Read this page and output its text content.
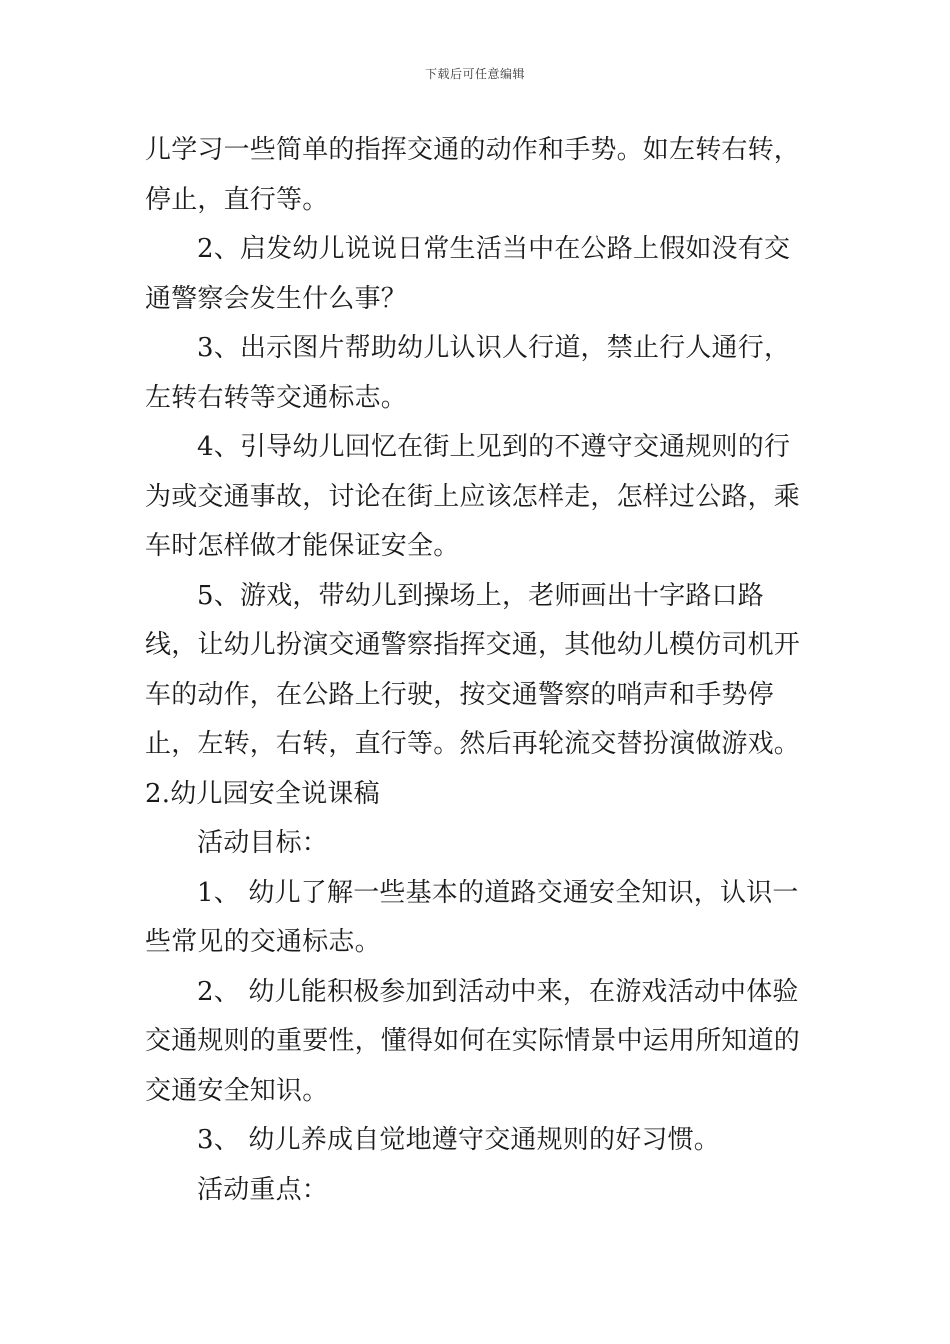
下载后可任意编辑

儿学习一些简单的指挥交通的动作和手势。如左转右转，停止，直行等。

2、启发幼儿说说日常生活当中在公路上假如没有交通警察会发生什么事？

3、出示图片帮助幼儿认识人行道，禁止行人通行，左转右转等交通标志。

4、引导幼儿回忆在街上见到的不遵守交通规则的行为或交通事故，讨论在街上应该怎样走，怎样过公路，乘车时怎样做才能保证安全。

5、游戏，带幼儿到操场上，老师画出十字路口路线，让幼儿扮演交通警察指挥交通，其他幼儿模仿司机开车的动作，在公路上行驶，按交通警察的哨声和手势停止，左转，右转，直行等。然后再轮流交替扮演做游戏。

2.幼儿园安全说课稿

活动目标：

1、 幼儿了解一些基本的道路交通安全知识，认识一些常见的交通标志。

2、 幼儿能积极参加到活动中来，在游戏活动中体验交通规则的重要性，懂得如何在实际情景中运用所知道的交通安全知识。

3、 幼儿养成自觉地遵守交通规则的好习惯。

活动重点：
